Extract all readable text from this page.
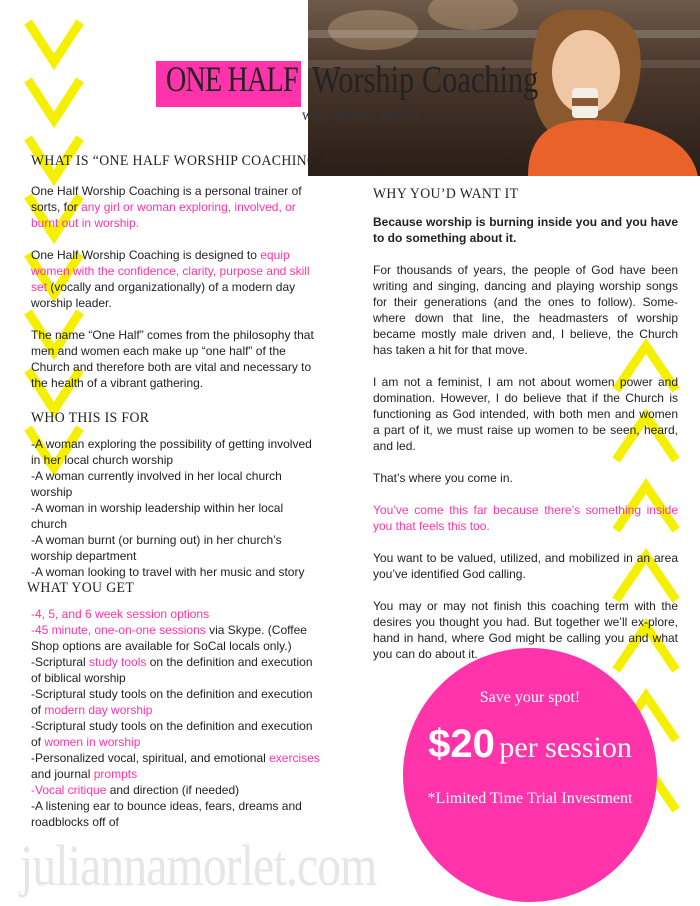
ONE HALF Worship Coaching
with julianna morlet
WHAT IS “ONE HALF WORSHIP COACHING”

One Half Worship Coaching is a personal trainer of sorts, for any girl or woman exploring, involved, or burnt out in worship.

One Half Worship Coaching is designed to equip women with the confidence, clarity, purpose and skill set (vocally and organizationally) of a modern day worship leader.

The name “One Half” comes from the philosophy that men and women each make up “one half” of the Church and therefore both are vital and necessary to the health of a vibrant gathering.

WHO THIS IS FOR

-A woman exploring the possibility of getting involved in her local church worship

-A woman currently involved in her local church worship

-A woman in worship leadership within her local church

-A woman burnt (or burning out) in her church’s worship department

-A woman looking to travel with her music and story

WHAT YOU GET

-4, 5, and 6 week session options

-45 minute, one-on-one sessions via Skype. (Coffee Shop options are available for SoCal locals only.)

-Scriptural study tools on the definition and execution of biblical worship

-Scriptural study tools on the definition and execution of modern day worship

-Scriptural study tools on the definition and execution of women in worship

-Personalized vocal, spiritual, and emotional exercises and journal prompts

-Vocal critique and direction (if needed)

-A listening ear to bounce ideas, fears, dreams and roadblocks off of

WHY YOU’D WANT IT

Because worship is burning inside you and you have to do something about it.

For thousands of years, the people of God have been writing and singing, dancing and playing worship songs for their generations (and the ones to follow). Some-where down that line, the headmasters of worship became mostly male driven and, I believe, the Church has taken a hit for that move.

I am not a feminist, I am not about women power and domination. However, I do believe that if the Church is functioning as God intended, with both men and women a part of it, we must raise up women to be seen, heard, and led.

That’s where you come in.

You’ve come this far because there’s something inside you that feels this too.

You want to be valued, utilized, and mobilized in an area you’ve identified God calling.

You may or may not finish this coaching term with the desires you thought you had. But together we’ll ex-plore, hand in hand, where God might be calling you and what you can do about it.

Save your spot!
$20 per session
*Limited Time Trial Investment
juliannamorlet.com
